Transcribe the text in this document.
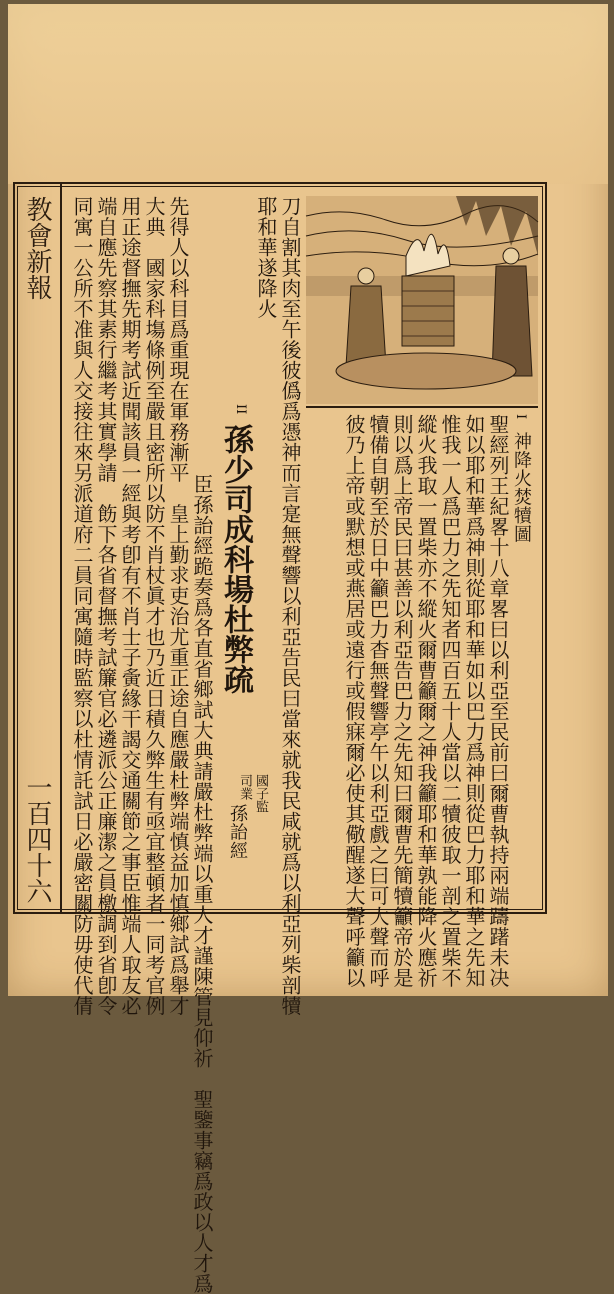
教會新報
一百四十六
I
神降火焚犢圖
聖經列王紀畧十八章畧曰以利亞至民前曰爾曹執持兩端躊躇未决
如以耶和華爲神則從耶和華如以巴力爲神則從巴力耶和華之先知
惟我一人爲巴力之先知者四百五十人當以二犢彼取一剖之置柴不
縱火我取一置柴亦不縱火爾曹籲爾之神我籲耶和華孰能降火應祈
則以爲上帝民曰甚善以利亞告巴力之先知曰爾曹先簡犢籲帝於是
犢備自朝至於日中籲巴力杳無聲響亭午以利亞戲之曰可大聲而呼
彼乃上帝或默想或燕居或遠行或假寐爾必使其儆醒遂大聲呼籲以
刀自割其肉至午後彼僞爲憑神而言寔無聲響以利亞告民曰當來就我民咸就爲以利亞列柴剖犢
耶和華遂降火
II
孫少司成科場杜弊疏
國子監
司業
孫詒經
臣孫詒經跪奏爲各直省鄉試大典請嚴杜弊端以重人才謹陳管見仰祈　聖鑒事竊爲政以人才爲
先得人以科目爲重現在軍務漸平　皇上勤求吏治尤重正途自應嚴杜弊端慎益加慎鄉試爲舉才
大典　國家科塲條例至嚴且密所以防不肖杖眞才也乃近日積久弊生有亟宜整頓者一同考官例
用正途督撫先期考試近聞該員一經與考卽有不肖士子夤緣干謁交通關節之事臣惟端人取友必
端自應先察其素行繼考其實學請　飭下各省督撫考試簾官必遴派公正廉潔之員檄調到省卽令
同寓一公所不准與人交接往來另派道府二員同寓隨時監察以杜情託試日必嚴密關防毋使代倩
